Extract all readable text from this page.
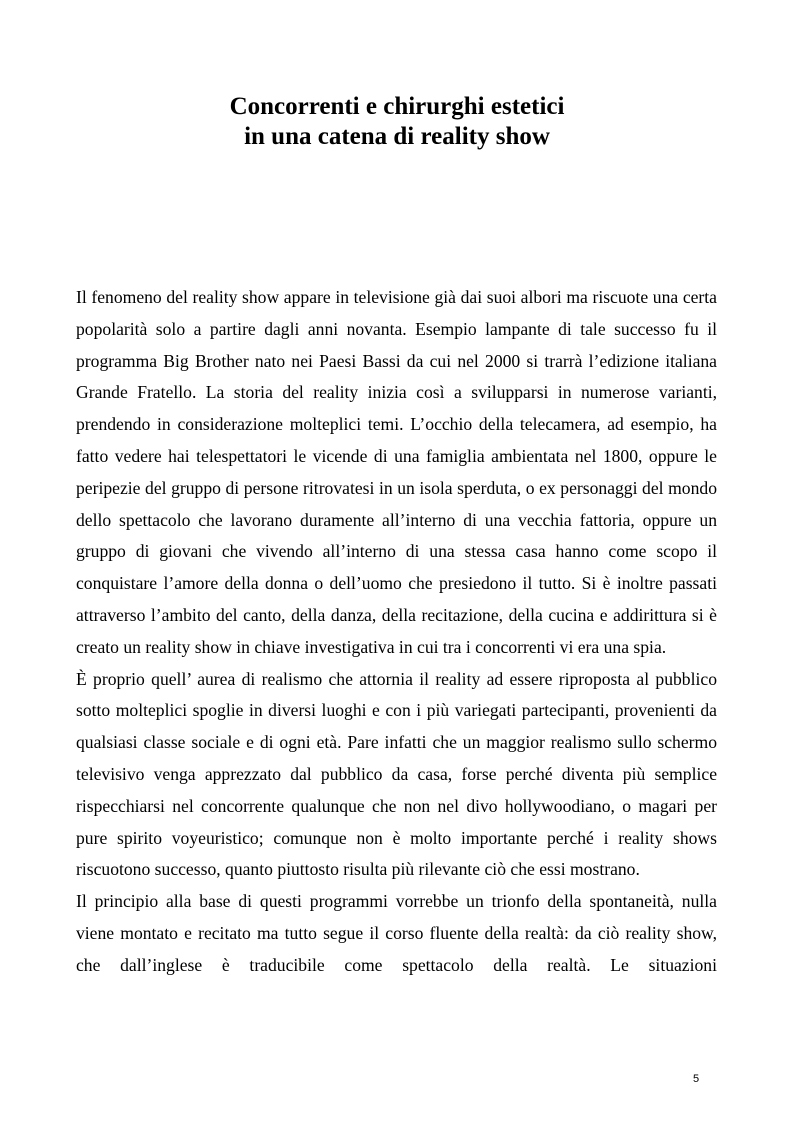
Concorrenti e chirurghi estetici
in una catena di reality show

Il fenomeno del reality show appare in televisione già dai suoi albori ma riscuote una certa popolarità solo a partire dagli anni novanta. Esempio lampante di tale successo fu il programma Big Brother nato nei Paesi Bassi da cui nel 2000 si trarrà l’edizione italiana Grande Fratello. La storia del reality inizia così a svilupparsi in numerose varianti, prendendo in considerazione molteplici temi. L’occhio della telecamera, ad esempio, ha fatto vedere hai telespettatori le vicende di una famiglia ambientata nel 1800, oppure le peripezie del gruppo di persone ritrovatesi in un isola sperduta, o ex personaggi del mondo dello spettacolo che lavorano duramente all’interno di una vecchia fattoria, oppure un gruppo di giovani che vivendo all’interno di una stessa casa hanno come scopo il conquistare l’amore della donna o dell’uomo che presiedono il tutto. Si è inoltre passati attraverso l’ambito del canto, della danza, della recitazione, della cucina e addirittura si è creato un reality show in chiave investigativa in cui tra i concorrenti vi era una spia.

È proprio quell’ aurea di realismo che attornia il reality ad essere riproposta al pubblico sotto molteplici spoglie in diversi luoghi e con i più variegati partecipanti, provenienti da qualsiasi classe sociale e di ogni età. Pare infatti che un maggior realismo sullo schermo televisivo venga apprezzato dal pubblico da casa, forse perché diventa più semplice rispecchiarsi nel concorrente qualunque che non nel divo hollywoodiano, o magari per pure spirito voyeuristico; comunque non è molto importante perché i reality shows riscuotono successo, quanto piuttosto risulta più rilevante ciò che essi mostrano.

Il principio alla base di questi programmi vorrebbe un trionfo della spontaneità, nulla viene montato e recitato ma tutto segue il corso fluente della realtà: da ciò reality show, che dall’inglese è traducibile come spettacolo della realtà. Le situazioni

5
